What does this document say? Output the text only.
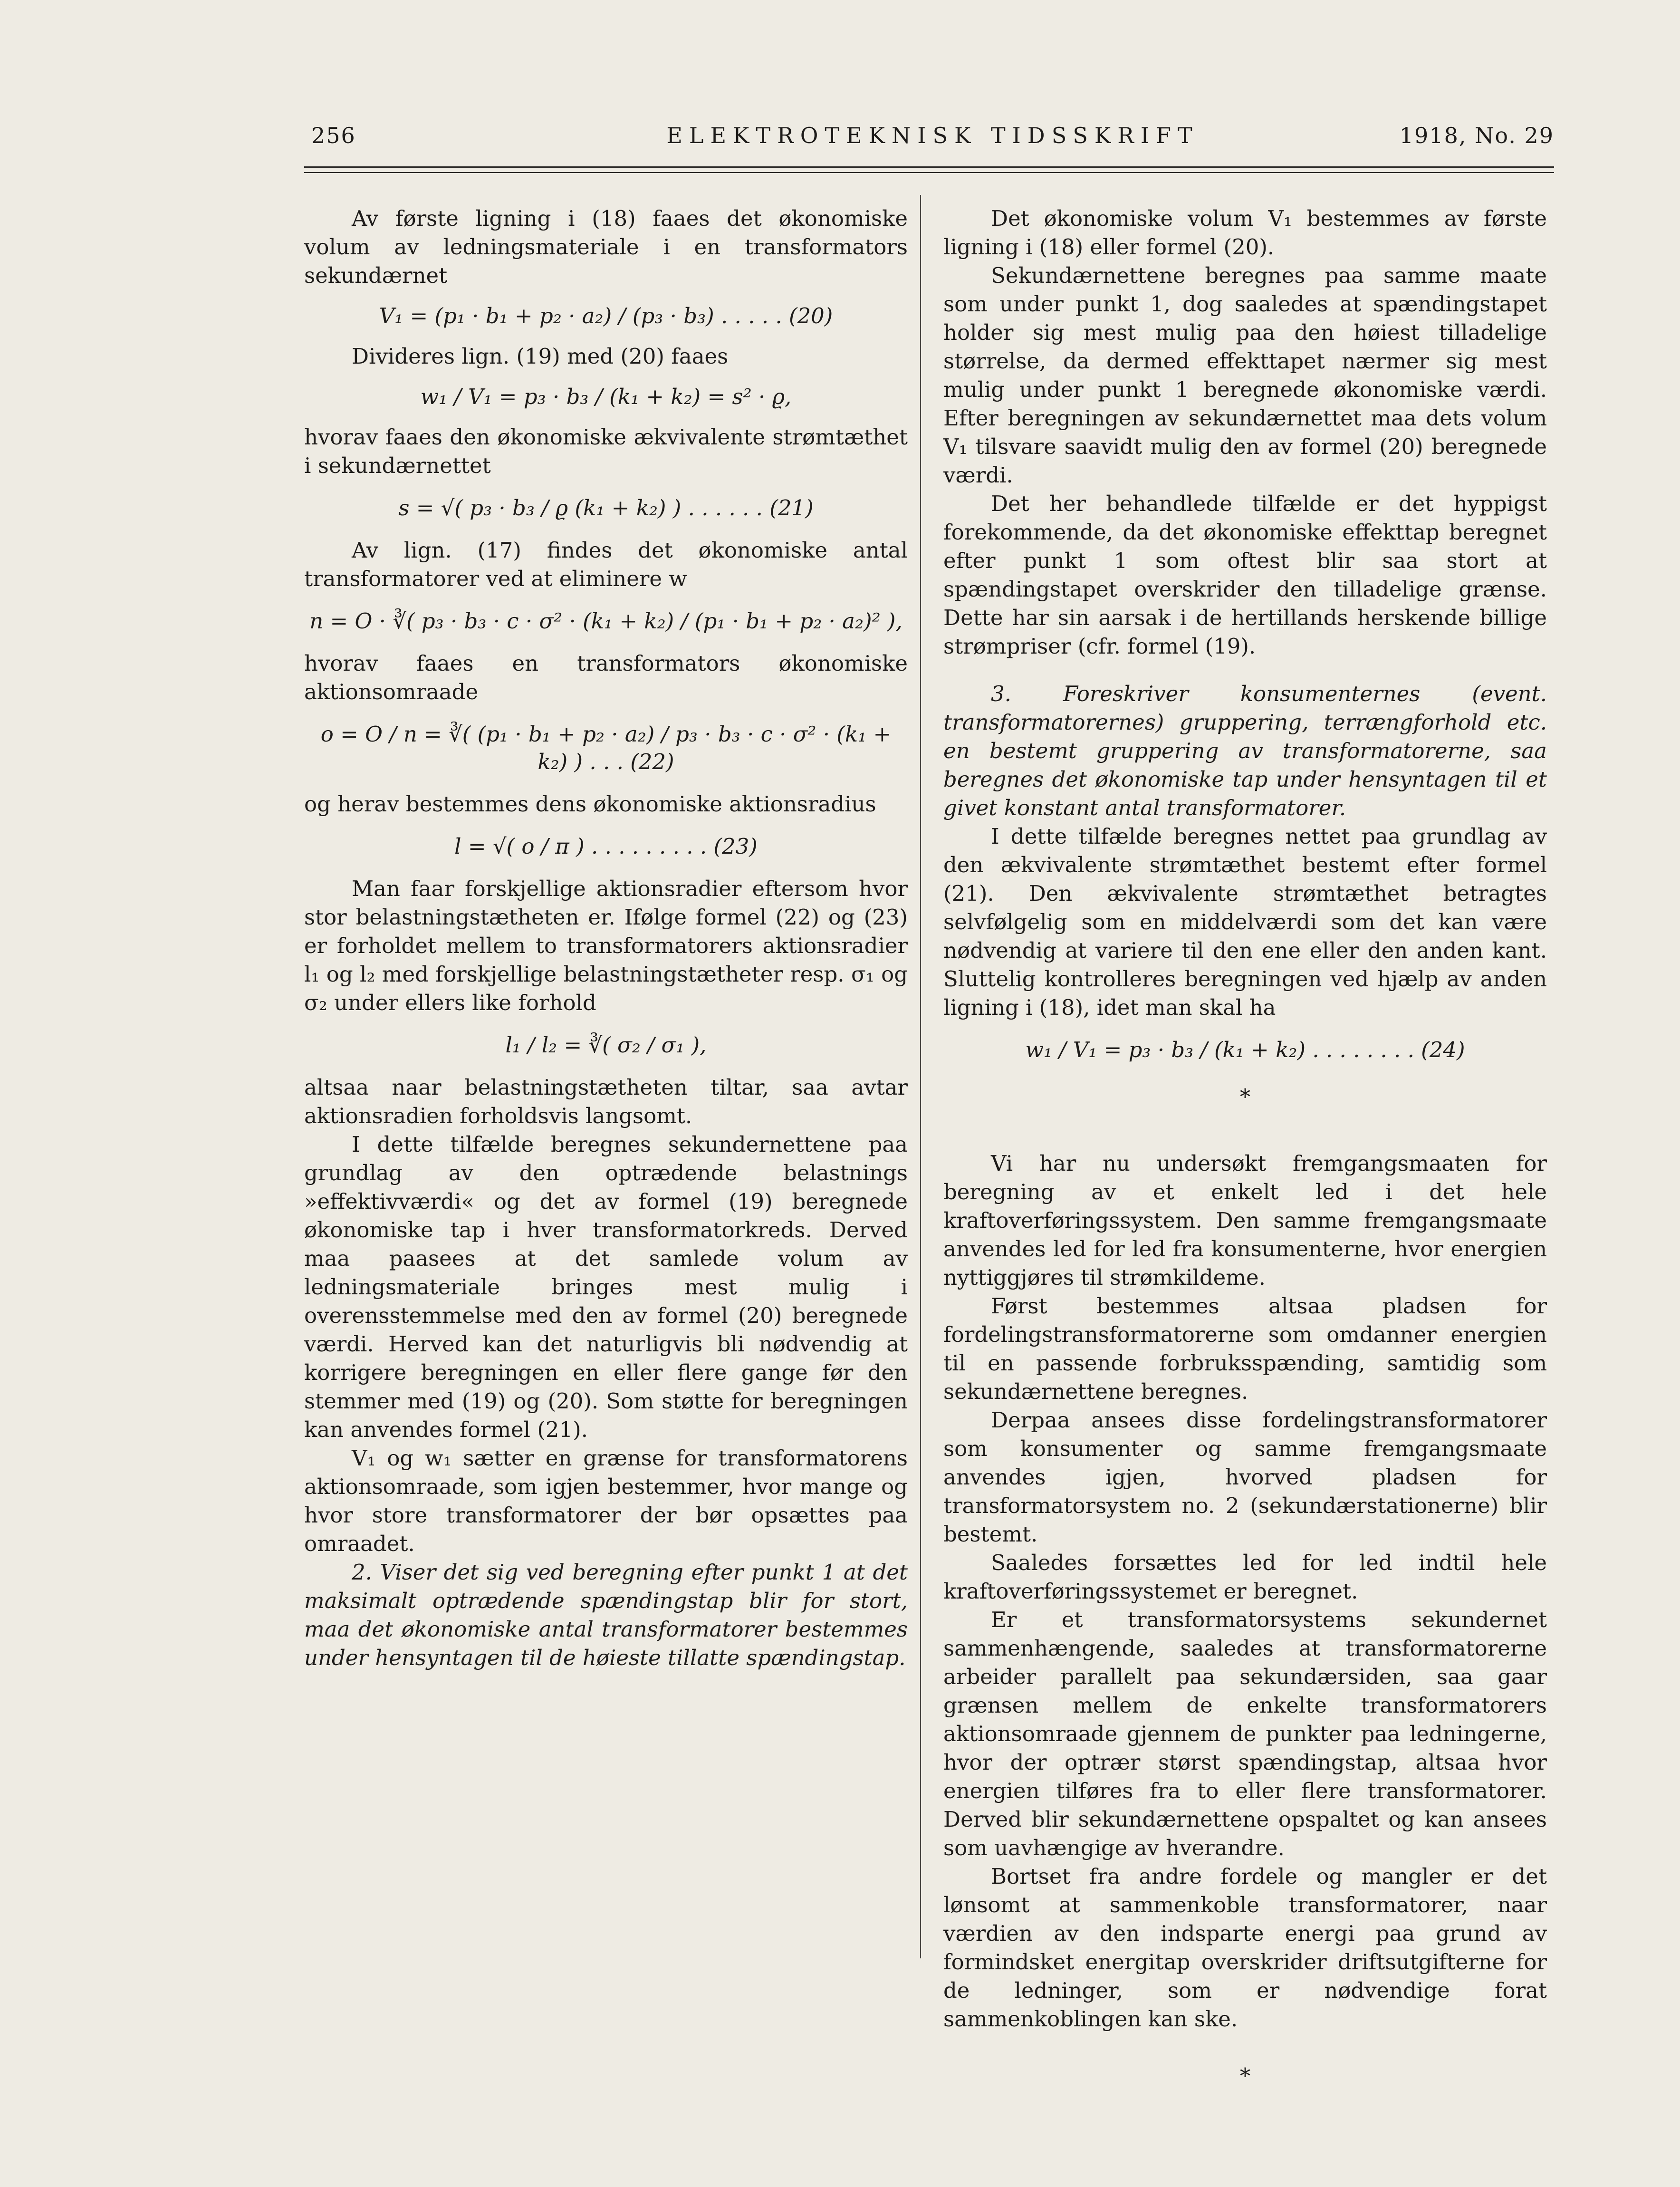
256	ELEKTROTEKNISK TIDSSKRIFT	1918, No. 29

Av første ligning i (18) faaes det økonomiske volum av ledningsmateriale i en transformators sekundærnet

V₁ = (p₁ · b₁ + p₂ · a₂) / (p₃ · b₃) . . . . . (20)

Divideres lign. (19) med (20) faaes

w₁ / V₁ = p₃ · b₃ / (k₁ + k₂) = s² · ϱ,

hvorav faaes den økonomiske ækvivalente strømtæthet i sekundærnettet

s = √( p₃ · b₃ / ϱ (k₁ + k₂) ) . . . . . . (21)

Av lign. (17) findes det økonomiske antal transformatorer ved at eliminere w

n = O · ∛( p₃ · b₃ · c · σ² · (k₁ + k₂) / (p₁ · b₁ + p₂ · a₂)² ),

hvorav faaes en transformators økonomiske aktionsomraade

o = O / n = ∛( (p₁ · b₁ + p₂ · a₂) / p₃ · b₃ · c · σ² · (k₁ + k₂) ) . . . (22)

og herav bestemmes dens økonomiske aktionsradius

l = √( o / π ) . . . . . . . . . (23)

Man faar forskjellige aktionsradier eftersom hvor stor belastningstætheten er. Ifølge formel (22) og (23) er forholdet mellem to transformatorers aktionsradier l₁ og l₂ med forskjellige belastningstætheter resp. σ₁ og σ₂ under ellers like forhold

l₁ / l₂ = ∛( σ₂ / σ₁ ),

altsaa naar belastningstætheten tiltar, saa avtar aktionsradien forholdsvis langsomt.

I dette tilfælde beregnes sekundernettene paa grundlag av den optrædende belastnings »effektivværdi« og det av formel (19) beregnede økonomiske tap i hver transformatorkreds. Derved maa paasees at det samlede volum av ledningsmateriale bringes mest mulig i overensstemmelse med den av formel (20) beregnede værdi. Herved kan det naturligvis bli nødvendig at korrigere beregningen en eller flere gange før den stemmer med (19) og (20). Som støtte for beregningen kan anvendes formel (21).

V₁ og w₁ sætter en grænse for transformatorens aktionsomraade, som igjen bestemmer, hvor mange og hvor store transformatorer der bør opsættes paa omraadet.

2. Viser det sig ved beregning efter punkt 1 at det maksimalt optrædende spændingstap blir for stort, maa det økonomiske antal transformatorer bestemmes under hensyntagen til de høieste tillatte spændingstap.

Det økonomiske volum V₁ bestemmes av første ligning i (18) eller formel (20).

Sekundærnettene beregnes paa samme maate som under punkt 1, dog saaledes at spændingstapet holder sig mest mulig paa den høiest tilladelige størrelse, da dermed effekttapet nærmer sig mest mulig under punkt 1 beregnede økonomiske værdi. Efter beregningen av sekundærnettet maa dets volum V₁ tilsvare saavidt mulig den av formel (20) beregnede værdi.

Det her behandlede tilfælde er det hyppigst forekommende, da det økonomiske effekttap beregnet efter punkt 1 som oftest blir saa stort at spændingstapet overskrider den tilladelige grænse. Dette har sin aarsak i de hertillands herskende billige strømpriser (cfr. formel (19).

3. Foreskriver konsumenternes (event. transformatorernes) gruppering, terrængforhold etc. en bestemt gruppering av transformatorerne, saa beregnes det økonomiske tap under hensyntagen til et givet konstant antal transformatorer.

I dette tilfælde beregnes nettet paa grundlag av den ækvivalente strømtæthet bestemt efter formel (21). Den ækvivalente strømtæthet betragtes selvfølgelig som en middelværdi som det kan være nødvendig at variere til den ene eller den anden kant. Sluttelig kontrolleres beregningen ved hjælp av anden ligning i (18), idet man skal ha

w₁ / V₁ = p₃ · b₃ / (k₁ + k₂) . . . . . . . . (24)
*

Vi har nu undersøkt fremgangsmaaten for beregning av et enkelt led i det hele kraftoverføringssystem. Den samme fremgangsmaate anvendes led for led fra konsumenterne, hvor energien nyttiggjøres til strømkildeme.

Først bestemmes altsaa pladsen for fordelingstransformatorerne som omdanner energien til en passende forbruksspænding, samtidig som sekundærnettene beregnes.

Derpaa ansees disse fordelingstransformatorer som konsumenter og samme fremgangsmaate anvendes igjen, hvorved pladsen for transformatorsystem no. 2 (sekundærstationerne) blir bestemt.

Saaledes forsættes led for led indtil hele kraftoverføringssystemet er beregnet.

Er et transformatorsystems sekundernet sammenhængende, saaledes at transformatorerne arbeider parallelt paa sekundærsiden, saa gaar grænsen mellem de enkelte transformatorers aktionsomraade gjennem de punkter paa ledningerne, hvor der optrær størst spændingstap, altsaa hvor energien tilføres fra to eller flere transformatorer. Derved blir sekundærnettene opspaltet og kan ansees som uavhængige av hverandre.

Bortset fra andre fordele og mangler er det lønsomt at sammenkoble transformatorer, naar værdien av den indsparte energi paa grund av formindsket energitap overskrider driftsutgifterne for de ledninger, som er nødvendige forat sammenkoblingen kan ske.

*
